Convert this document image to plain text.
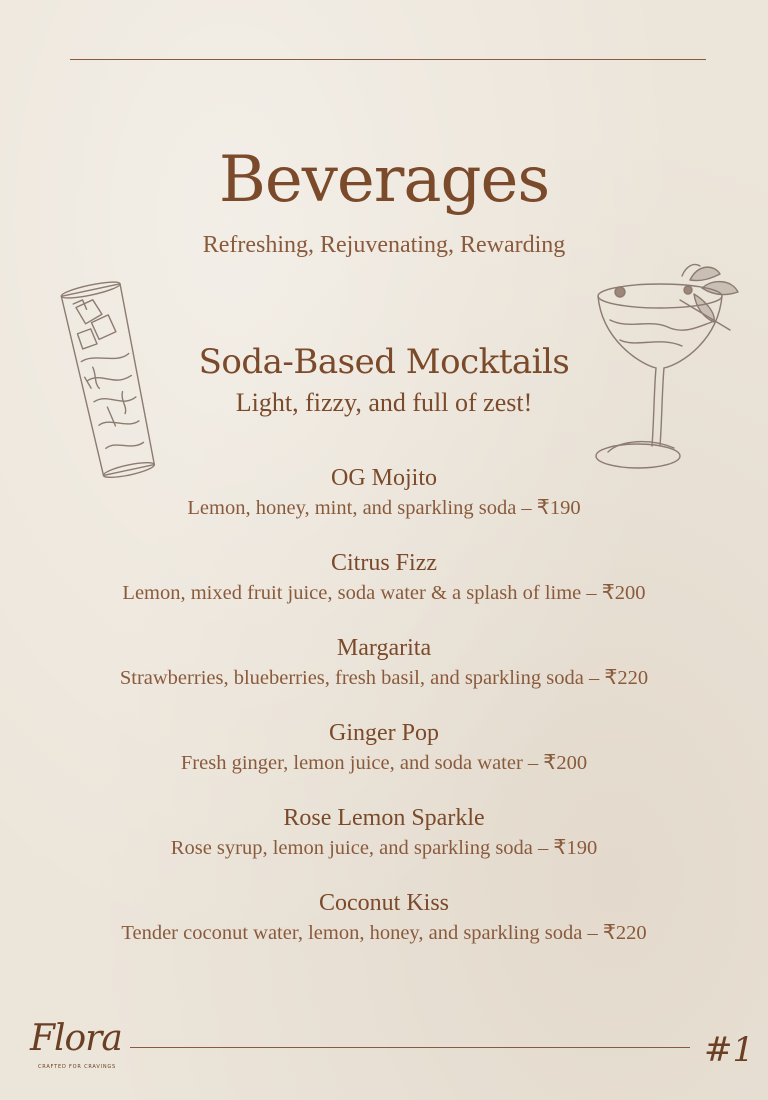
Beverages
Refreshing, Rejuvenating, Rewarding
Soda-Based Mocktails
Light, fizzy, and full of zest!
OG Mojito
Lemon, honey, mint, and sparkling soda – ₹190
Citrus Fizz
Lemon, mixed fruit juice, soda water & a splash of lime – ₹200
Margarita
Strawberries, blueberries, fresh basil, and sparkling soda – ₹220
Ginger Pop
Fresh ginger, lemon juice, and soda water – ₹200
Rose Lemon Sparkle
Rose syrup, lemon juice, and sparkling soda – ₹190
Coconut Kiss
Tender coconut water, lemon, honey, and sparkling soda – ₹220
Flora
CRAFTED FOR CRAVINGS	#1
